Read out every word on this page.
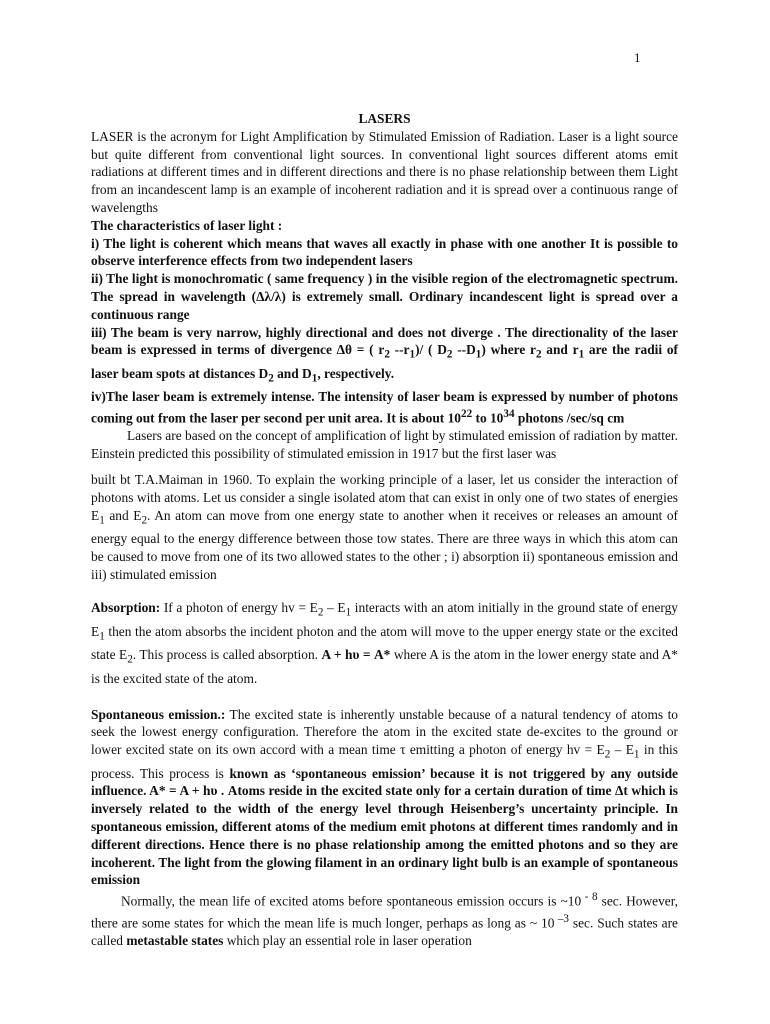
1

LASERS

LASER is the acronym for Light Amplification by Stimulated Emission of Radiation. Laser is a light source but quite different from conventional light sources. In conventional light sources different atoms emit radiations at different times and in different directions and there is no phase relationship between them Light from an incandescent lamp is an example of incoherent radiation and it is spread over a continuous range of wavelengths

The characteristics of laser light :

i) The light is coherent which means that waves all exactly in phase with one another It is possible to observe interference effects from two independent lasers

ii) The light is monochromatic ( same frequency ) in the visible region of the electromagnetic spectrum. The spread in wavelength (Δλ/λ) is extremely small. Ordinary incandescent light is spread over a continuous range

iii) The beam is very narrow, highly directional and does not diverge . The directionality of the laser beam is expressed in terms of divergence Δθ = ( $r_2$ $--r_1)/$ ( $D_2$ $--D_1$) where $r_2$ and $r_1$ are the radii of laser beam spots at distances $D_2$ and $D_1$, respectively.

iv)The laser beam is extremely intense. The intensity of laser beam is expressed by number of photons coming out from the laser per second per unit area. It is about $10^{22}$ to $10^{34}$ photons /sec/sq cm

Lasers are based on the concept of amplification of light by stimulated emission of radiation by matter. Einstein predicted this possibility of stimulated emission in 1917 but the first laser was

built bt T.A.Maiman in 1960. To explain the working principle of a laser, let us consider the interaction of photons with atoms. Let us consider a single isolated atom that can exist in only one of two states of energies $E_1$ and $E_2$. An atom can move from one energy state to another when it receives or releases an amount of energy equal to the energy difference between those tow states. There are three ways in which this atom can be caused to move from one of its two allowed states to the other ; i) absorption ii) spontaneous emission and iii) stimulated emission

Absorption: If a photon of energy hv = $E_2 - E_1$ interacts with an atom initially in the ground state of energy $E_1$ then the atom absorbs the incident photon and the atom will move to the upper energy state or the excited state $E_2$. This process is called absorption. A + hυ = A* where A is the atom in the lower energy state and A* is the excited state of the atom.

Spontaneous emission.: The excited state is inherently unstable because of a natural tendency of atoms to seek the lowest energy configuration. Therefore the atom in the excited state de-excites to the ground or lower excited state on its own accord with a mean time τ emitting a photon of energy hv = $E_2 - E_1$ in this process. This process is known as ‘spontaneous emission’ because it is not triggered by any outside influence. A* = A + hυ . Atoms reside in the excited state only for a certain duration of time Δt which is inversely related to the width of the energy level through Heisenberg’s uncertainty principle. In spontaneous emission, different atoms of the medium emit photons at different times randomly and in different directions. Hence there is no phase relationship among the emitted photons and so they are incoherent. The light from the glowing filament in an ordinary light bulb is an example of spontaneous emission

Normally, the mean life of excited atoms before spontaneous emission occurs is ~10 $^{- 8}$ sec. However, there are some states for which the mean life is much longer, perhaps as long as ~ 10 $^{-3}$ sec. Such states are called metastable states which play an essential role in laser operation
